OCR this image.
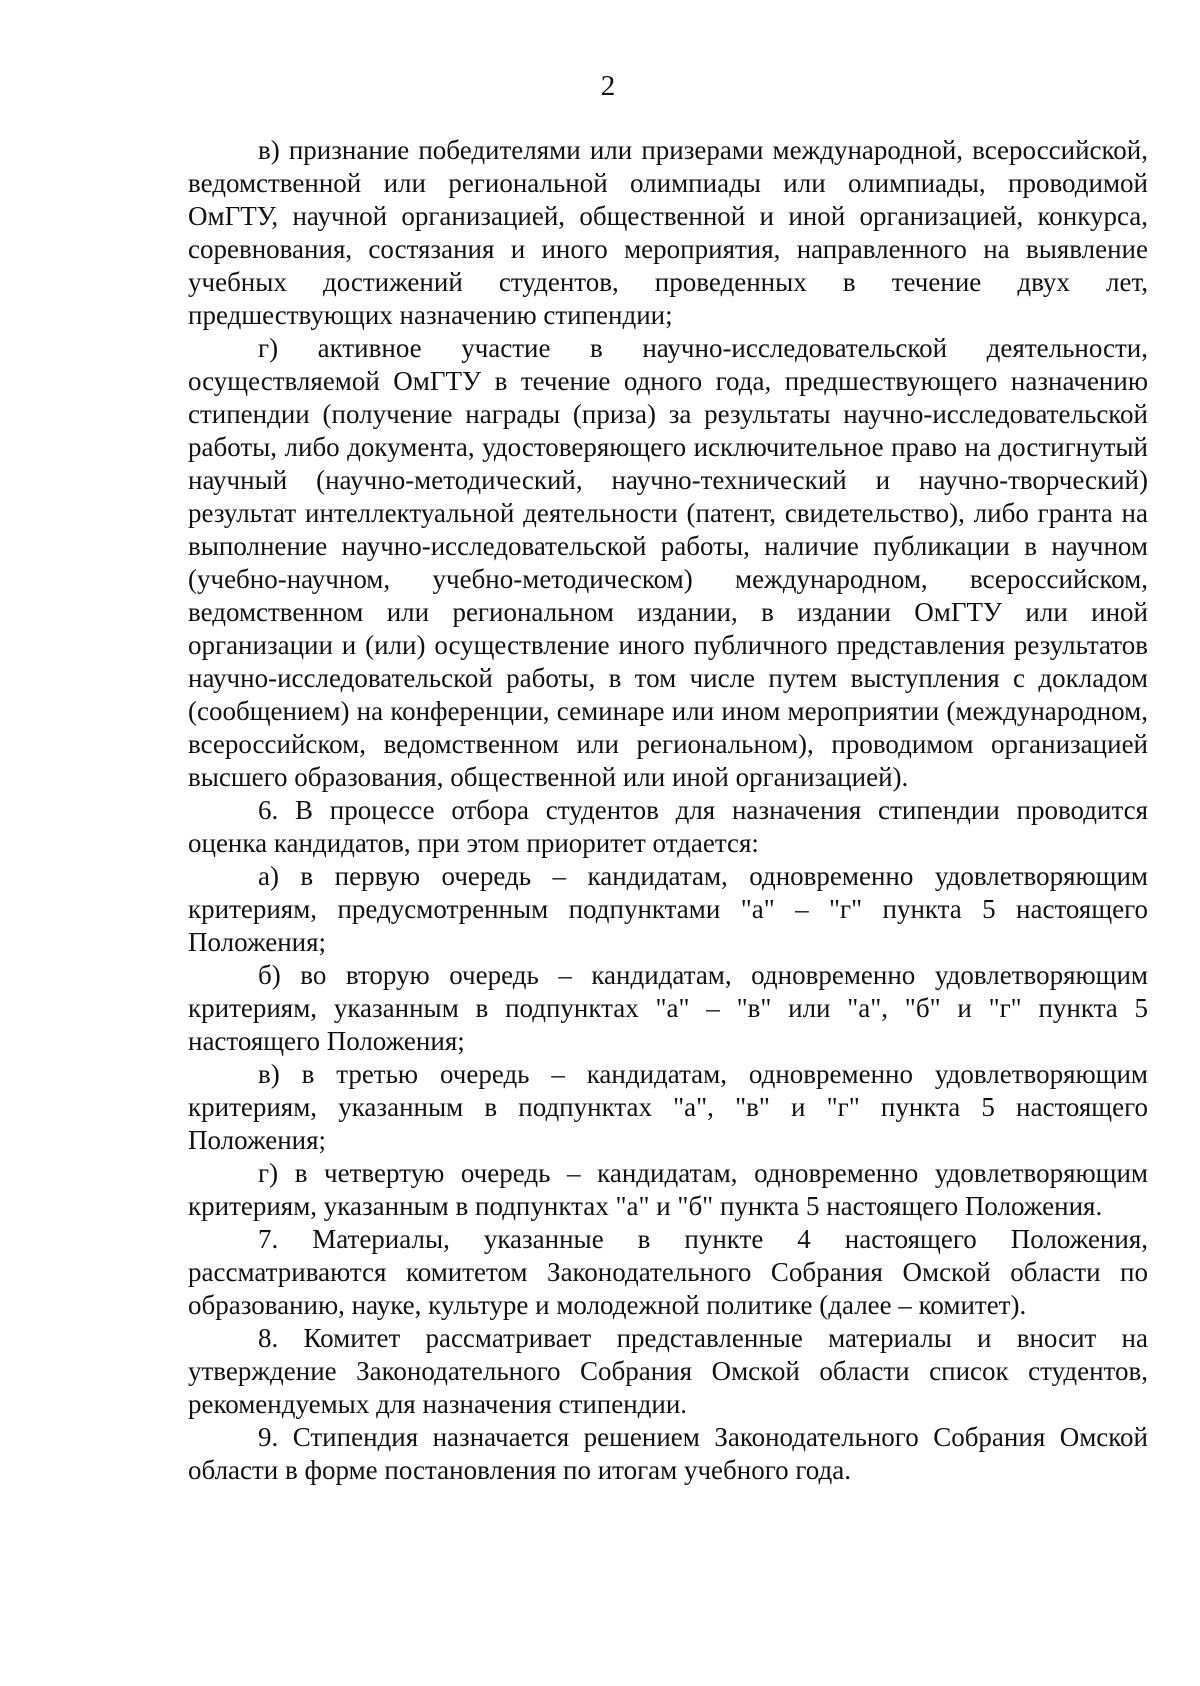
2

в) признание победителями или призерами международной, всероссийской, ведомственной или региональной олимпиады или олимпиады, проводимой ОмГТУ, научной организацией, общественной и иной организацией, конкурса, соревнования, состязания и иного мероприятия, направленного на выявление учебных достижений студентов, проведенных в течение двух лет, предшествующих назначению стипендии;

г) активное участие в научно-исследовательской деятельности, осуществляемой ОмГТУ в течение одного года, предшествующего назначению стипендии (получение награды (приза) за результаты научно-исследовательской работы, либо документа, удостоверяющего исключительное право на достигнутый научный (научно-методический, научно-технический и научно-творческий) результат интеллектуальной деятельности (патент, свидетельство), либо гранта на выполнение научно-исследовательской работы, наличие публикации в научном (учебно-научном, учебно-методическом) международном, всероссийском, ведомственном или региональном издании, в издании ОмГТУ или иной организации и (или) осуществление иного публичного представления результатов научно-исследовательской работы, в том числе путем выступления с докладом (сообщением) на конференции, семинаре или ином мероприятии (международном, всероссийском, ведомственном или региональном), проводимом организацией высшего образования, общественной или иной организацией).

6. В процессе отбора студентов для назначения стипендии проводится оценка кандидатов, при этом приоритет отдается:

а) в первую очередь – кандидатам, одновременно удовлетворяющим критериям, предусмотренным подпунктами "а" – "г" пункта 5 настоящего Положения;

б) во вторую очередь – кандидатам, одновременно удовлетворяющим критериям, указанным в подпунктах "а" – "в" или "а", "б" и "г" пункта 5 настоящего Положения;

в) в третью очередь – кандидатам, одновременно удовлетворяющим критериям, указанным в подпунктах "а", "в" и "г" пункта 5 настоящего Положения;

г) в четвертую очередь – кандидатам, одновременно удовлетворяющим критериям, указанным в подпунктах "а" и "б" пункта 5 настоящего Положения.

7. Материалы, указанные в пункте 4 настоящего Положения, рассматриваются комитетом Законодательного Собрания Омской области по образованию, науке, культуре и молодежной политике (далее – комитет).

8. Комитет рассматривает представленные материалы и вносит на утверждение Законодательного Собрания Омской области список студентов, рекомендуемых для назначения стипендии.

9. Стипендия назначается решением Законодательного Собрания Омской области в форме постановления по итогам учебного года.
